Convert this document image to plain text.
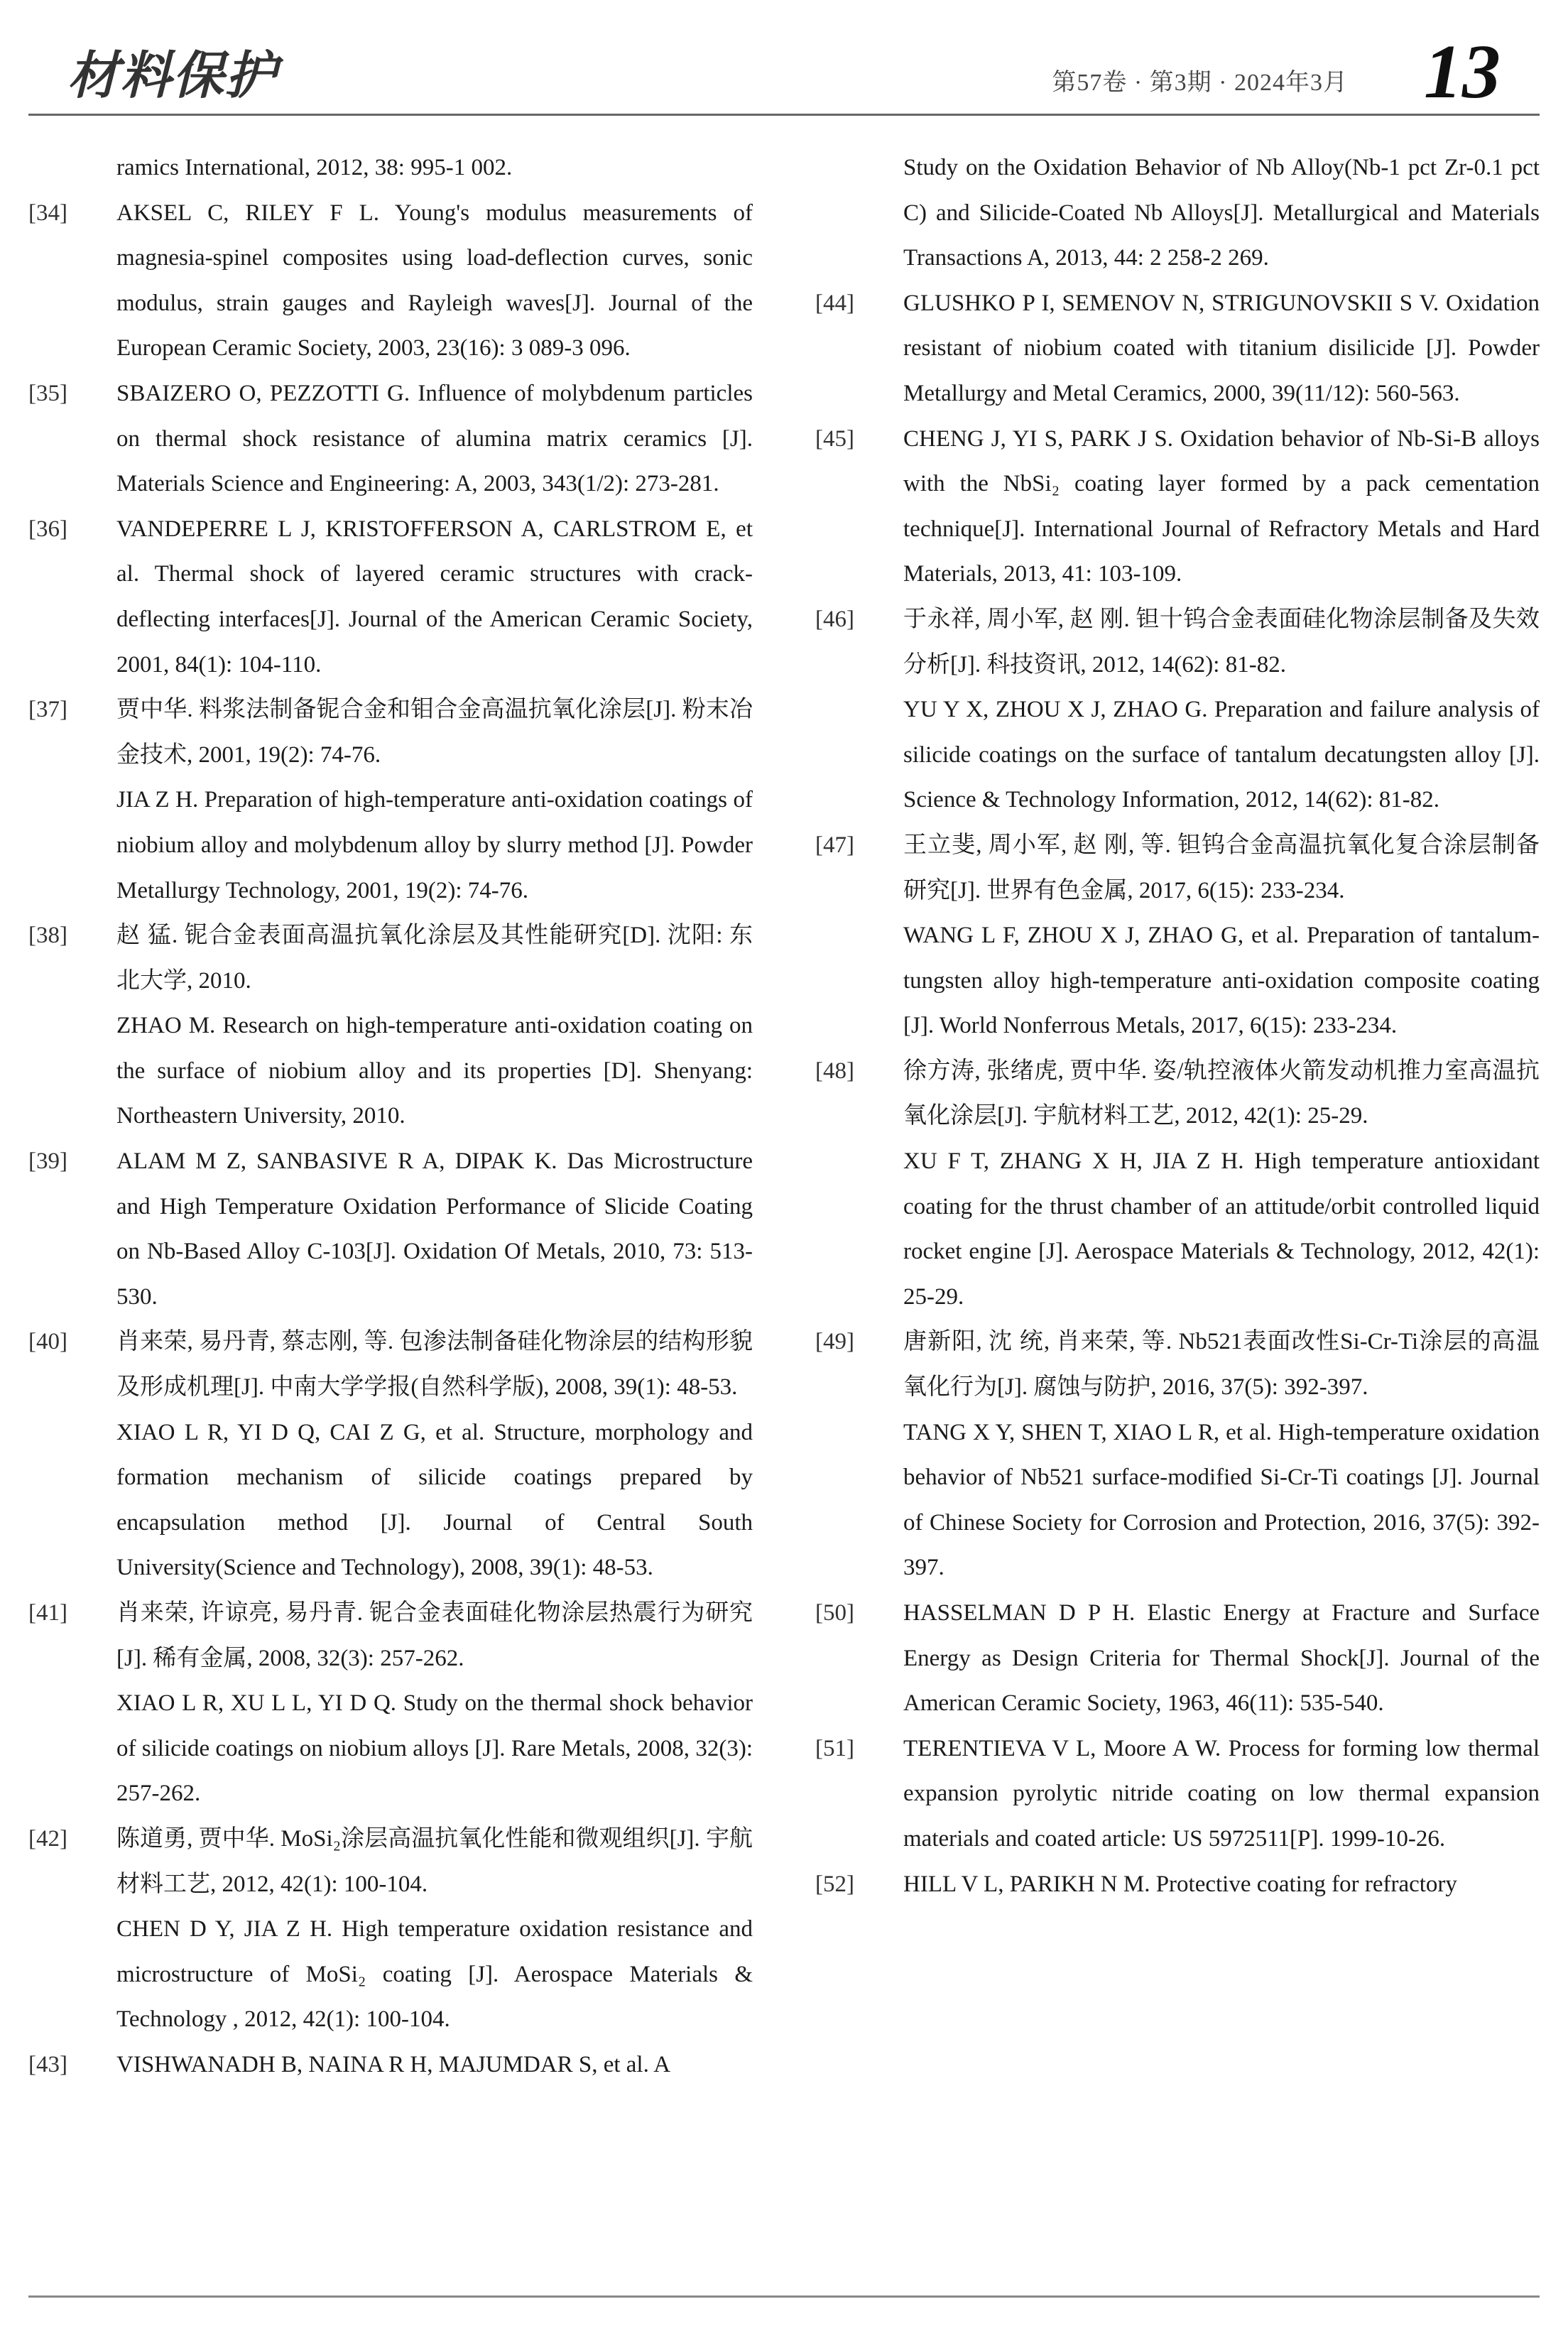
材料保护	第57卷 · 第3期 · 2024年3月 13
ramics International, 2012, 38: 995-1 002.
[34]	AKSEL C, RILEY F L. Young's modulus measurements of magnesia-spinel composites using load-deflection curves, sonic modulus, strain gauges and Rayleigh waves[J]. Journal of the European Ceramic Society, 2003, 23(16): 3 089-3 096.
[35]	SBAIZERO O, PEZZOTTI G. Influence of molybdenum particles on thermal shock resistance of alumina matrix ceramics [J]. Materials Science and Engineering: A, 2003, 343(1/2): 273-281.
[36]	VANDEPERRE L J, KRISTOFFERSON A, CARLSTROM E, et al. Thermal shock of layered ceramic structures with crack-deflecting interfaces[J]. Journal of the American Ceramic Society, 2001, 84(1): 104-110.
[37]	贾中华. 料浆法制备铌合金和钼合金高温抗氧化涂层[J]. 粉末冶金技术, 2001, 19(2): 74-76.
JIA Z H. Preparation of high-temperature anti-oxidation coatings of niobium alloy and molybdenum alloy by slurry method [J]. Powder Metallurgy Technology, 2001, 19(2): 74-76.
[38]	赵 猛. 铌合金表面高温抗氧化涂层及其性能研究[D]. 沈阳: 东北大学, 2010.
ZHAO M. Research on high-temperature anti-oxidation coating on the surface of niobium alloy and its properties [D]. Shenyang: Northeastern University, 2010.
[39]	ALAM M Z, SANBASIVE R A, DIPAK K. Das Microstructure and High Temperature Oxidation Performance of Slicide Coating on Nb-Based Alloy C-103[J]. Oxidation Of Metals, 2010, 73: 513-530.
[40]	肖来荣, 易丹青, 蔡志刚, 等. 包渗法制备硅化物涂层的结构形貌及形成机理[J]. 中南大学学报(自然科学版), 2008, 39(1): 48-53.
XIAO L R, YI D Q, CAI Z G, et al. Structure, morphology and formation mechanism of silicide coatings prepared by encapsulation method [J]. Journal of Central South University(Science and Technology), 2008, 39(1): 48-53.
[41]	肖来荣, 许谅亮, 易丹青. 铌合金表面硅化物涂层热震行为研究[J]. 稀有金属, 2008, 32(3): 257-262.
XIAO L R, XU L L, YI D Q. Study on the thermal shock behavior of silicide coatings on niobium alloys [J]. Rare Metals, 2008, 32(3): 257-262.
[42]	陈道勇, 贾中华. MoSi₂涂层高温抗氧化性能和微观组织[J]. 宇航材料工艺, 2012, 42(1): 100-104.
CHEN D Y, JIA Z H. High temperature oxidation resistance and microstructure of MoSi₂ coating [J]. Aerospace Materials & Technology , 2012, 42(1): 100-104.
[43]	VISHWANADH B, NAINA R H, MAJUMDAR S, et al. A
Study on the Oxidation Behavior of Nb Alloy(Nb-1 pct Zr-0.1 pct C) and Silicide-Coated Nb Alloys[J]. Metallurgical and Materials Transactions A, 2013, 44: 2 258-2 269.
[44]	GLUSHKO P I, SEMENOV N, STRIGUNOVSKII S V. Oxidation resistant of niobium coated with titanium disilicide [J]. Powder Metallurgy and Metal Ceramics, 2000, 39(11/12): 560-563.
[45]	CHENG J, YI S, PARK J S. Oxidation behavior of Nb-Si-B alloys with the NbSi₂ coating layer formed by a pack cementation technique[J]. International Journal of Refractory Metals and Hard Materials, 2013, 41: 103-109.
[46]	于永祥, 周小军, 赵 刚. 钽十钨合金表面硅化物涂层制备及失效分析[J]. 科技资讯, 2012, 14(62): 81-82.
YU Y X, ZHOU X J, ZHAO G. Preparation and failure analysis of silicide coatings on the surface of tantalum decatungsten alloy [J]. Science & Technology Information, 2012, 14(62): 81-82.
[47]	王立斐, 周小军, 赵 刚, 等. 钽钨合金高温抗氧化复合涂层制备研究[J]. 世界有色金属, 2017, 6(15): 233-234.
WANG L F, ZHOU X J, ZHAO G, et al. Preparation of tantalum-tungsten alloy high-temperature anti-oxidation composite coating [J]. World Nonferrous Metals, 2017, 6(15): 233-234.
[48]	徐方涛, 张绪虎, 贾中华. 姿/轨控液体火箭发动机推力室高温抗氧化涂层[J]. 宇航材料工艺, 2012, 42(1): 25-29.
XU F T, ZHANG X H, JIA Z H. High temperature antioxidant coating for the thrust chamber of an attitude/orbit controlled liquid rocket engine [J]. Aerospace Materials & Technology, 2012, 42(1): 25-29.
[49]	唐新阳, 沈 统, 肖来荣, 等. Nb521表面改性Si-Cr-Ti涂层的高温氧化行为[J]. 腐蚀与防护, 2016, 37(5): 392-397.
TANG X Y, SHEN T, XIAO L R, et al. High-temperature oxidation behavior of Nb521 surface-modified Si-Cr-Ti coatings [J]. Journal of Chinese Society for Corrosion and Protection, 2016, 37(5): 392-397.
[50]	HASSELMAN D P H. Elastic Energy at Fracture and Surface Energy as Design Criteria for Thermal Shock[J]. Journal of the American Ceramic Society, 1963, 46(11): 535-540.
[51]	TERENTIEVA V L, Moore A W. Process for forming low thermal expansion pyrolytic nitride coating on low thermal expansion materials and coated article: US 5972511[P]. 1999-10-26.
[52]	HILL V L, PARIKH N M. Protective coating for refractory
